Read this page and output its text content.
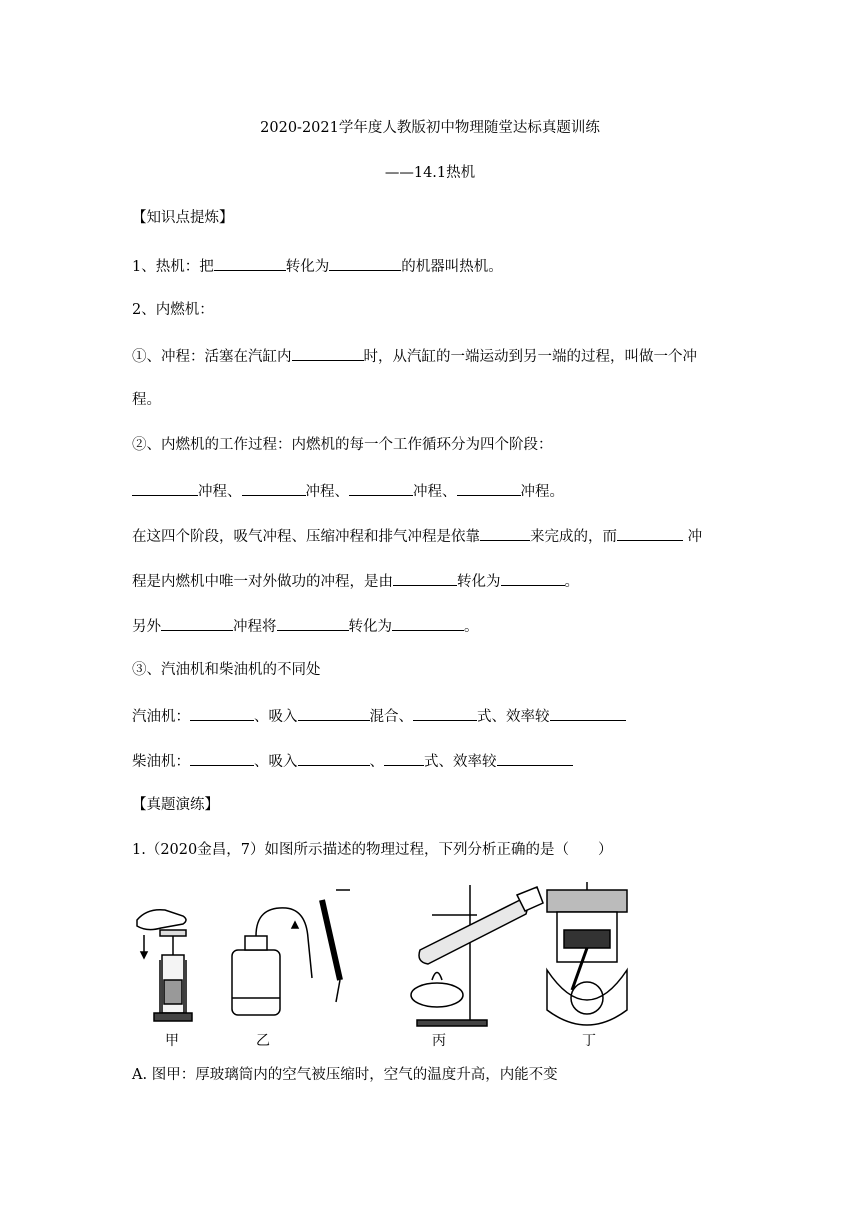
2020-2021学年度人教版初中物理随堂达标真题训练
——14.1热机
【知识点提炼】
1、热机：把	转化为	的机器叫热机。
2、内燃机：
①、冲程：活塞在汽缸内	时，从汽缸的一端运动到另一端的过程，叫做一个冲
程。
②、内燃机的工作过程：内燃机的每一个工作循环分为四个阶段：
冲程、	冲程、	冲程、	冲程。
在这四个阶段，吸气冲程、压缩冲程和排气冲程是依靠	来完成的，而	冲
程是内燃机中唯一对外做功的冲程，是由	转化为	。
另外	冲程将	转化为	。
③、汽油机和柴油机的不同处
汽油机：	、吸入	混合、	式、效率较
柴油机：	、吸入	、	式、效率较
【真题演练】
1.（2020金昌，7）如图所示描述的物理过程，下列分析正确的是（　　）
甲	乙	丙	丁
A. 图甲：厚玻璃筒内的空气被压缩时，空气的温度升高，内能不变
